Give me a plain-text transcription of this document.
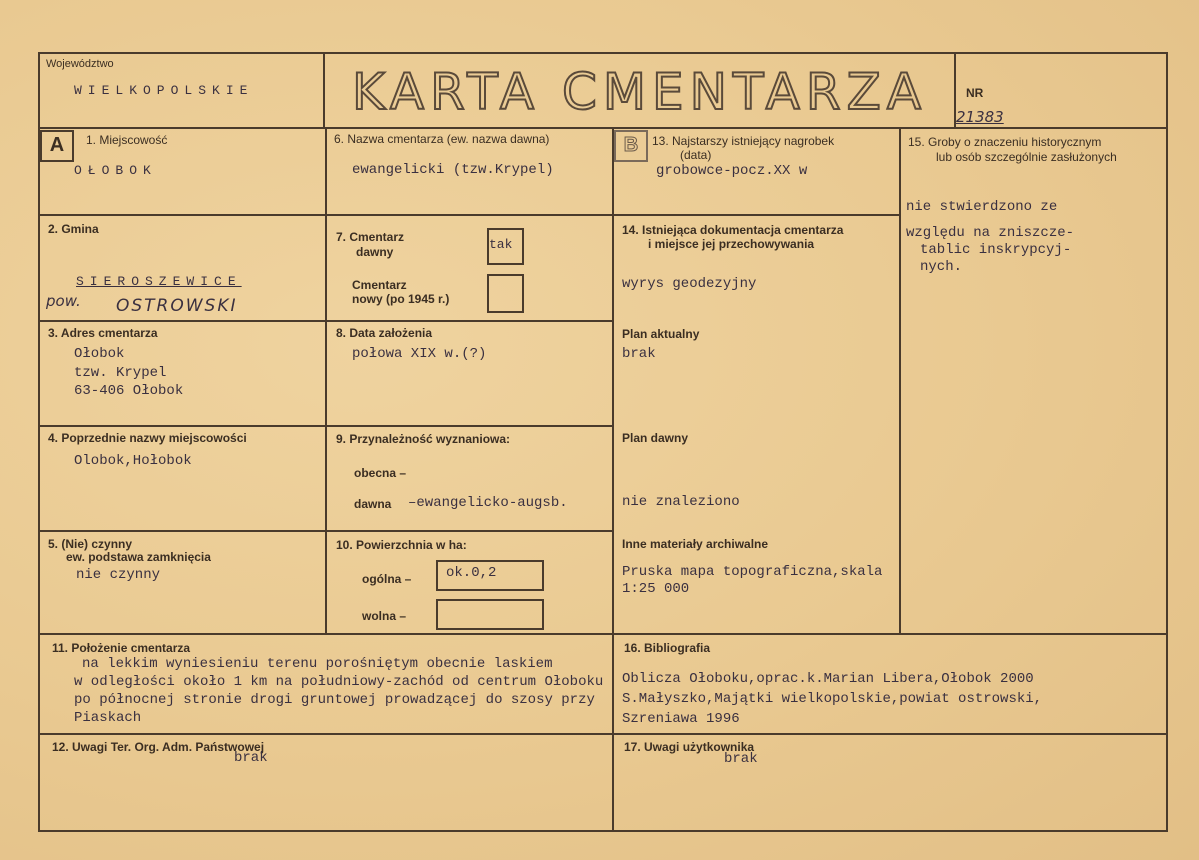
Województwo
WIELKOPOLSKIE KARTA CMENTARZA	NR
21383
A	B
1. Miejscowość
OŁOBOK
2. Gmina
SIEROSZEWICE
pow. OSTROWSKI
3. Adres cmentarza
Ołobok
tzw. Krypel
63-406 Ołobok
4. Poprzednie nazwy miejscowości
Olobok,Hołobok
5. (Nie) czynny
ew. podstawa zamknięcia
nie czynny
6. Nazwa cmentarza (ew. nazwa dawna)
ewangelicki (tzw.Krypel)
7. Cmentarz
dawny	tak
Cmentarz
nowy (po 1945 r.)
8. Data założenia
połowa XIX w.(?)
9. Przynależność wyznaniowa:
obecna –
dawna –ewangelicko-augsb.
10. Powierzchnia w ha:
ogólna – ok.0,2
wolna –
13. Najstarszy istniejący nagrobek
(data)
grobowce-pocz.XX w
14. Istniejąca dokumentacja cmentarza
i miejsce jej przechowywania
wyrys geodezyjny
Plan aktualny
brak
Plan dawny
nie znaleziono
Inne materiały archiwalne
Pruska mapa topograficzna,skala
1:25 000
15. Groby o znaczeniu historycznym
lub osób szczególnie zasłużonych
nie stwierdzono ze
względu na zniszcze-
tablic inskrypcyj-
nych.
11. Położenie cmentarza
na lekkim wyniesieniu terenu porośniętym obecnie laskiem
w odległości około 1 km na południowy-zachód od centrum Ołoboku
po północnej stronie drogi gruntowej prowadzącej do szosy przy
Piaskach
16. Bibliografia
Oblicza Ołoboku,oprac.k.Marian Libera,Ołobok 2000
S.Małyszko,Majątki wielkopolskie,powiat ostrowski,
Szreniawa 1996
12. Uwagi Ter. Org. Adm. Państwowej
brak
17. Uwagi użytkownika
brak
